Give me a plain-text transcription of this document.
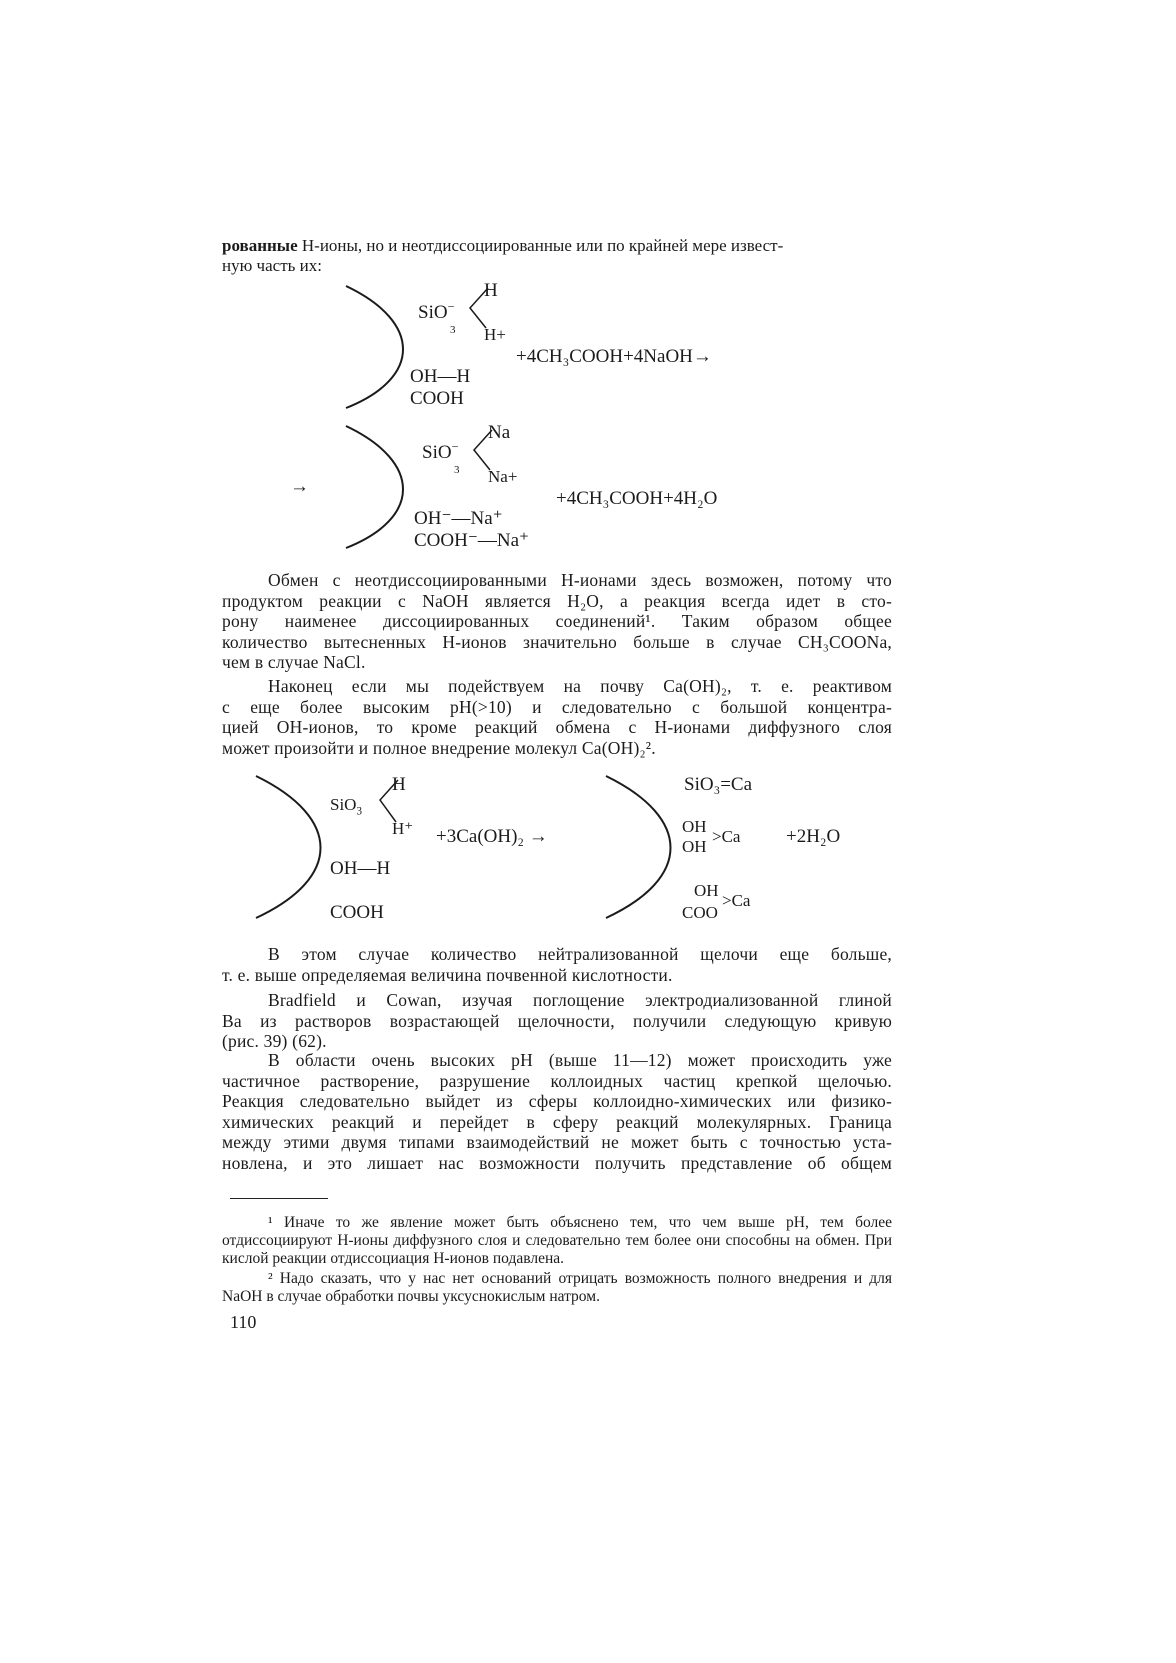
рованные Н-ионы, но и неотдиссоциированные или по крайней мере извест-
ную часть их:
SiO−
3
H
H+
OH—H
COOH
+4CH₃COOH+4NaOH→
→
SiO−
3
Na
Na+
OH⁻—Na⁺
COOH⁻—Na⁺
+4CH₃COOH+4H₂O
Обмен с неотдиссоциированными Н-ионами здесь возможен, потому что
продуктом реакции с NaOH является H₂O, а реакция всегда идет в сто-
рону наименее диссоциированных соединений¹. Таким образом общее
количество вытесненных Н-ионов значительно больше в случае CH₃COONa,
чем в случае NaCl.
Наконец если мы подействуем на почву Ca(OH)₂, т. е. реактивом
с еще более высоким pH(>10) и следовательно с большой концентра-
цией ОН-ионов, то кроме реакций обмена с Н-ионами диффузного слоя
может произойти и полное внедрение молекул Ca(OH)₂².
SiO$_3$
H
H⁺
OH—H
COOH
+3Ca(OH)₂ →
SiO₃=Ca
OH
OH
>Ca
OH
COO
>Ca
+2H₂O
В этом случае количество нейтрализованной щелочи еще больше,
т. е. выше определяемая величина почвенной кислотности.
Bradfield и Cowan, изучая поглощение электродиализованной глиной
Ba из растворов возрастающей щелочности, получили следующую кривую
(рис. 39) (62).
В области очень высоких pH (выше 11—12) может происходить уже
частичное растворение, разрушение коллоидных частиц крепкой щелочью.
Реакция следовательно выйдет из сферы коллоидно-химических или физико-
химических реакций и перейдет в сферу реакций молекулярных. Граница
между этими двумя типами взаимодействий не может быть с точностью уста-
новлена, и это лишает нас возможности получить представление об общем
¹ Иначе то же явление может быть объяснено тем, что чем выше pH, тем более отдиссоциируют Н-ионы диффузного слоя и следовательно тем более они способны на обмен. При кислой реакции отдиссоциация Н-ионов подавлена.
² Надо сказать, что у нас нет оснований отрицать возможность полного внедрения и для NaOH в случае обработки почвы уксуснокислым натром.
110
